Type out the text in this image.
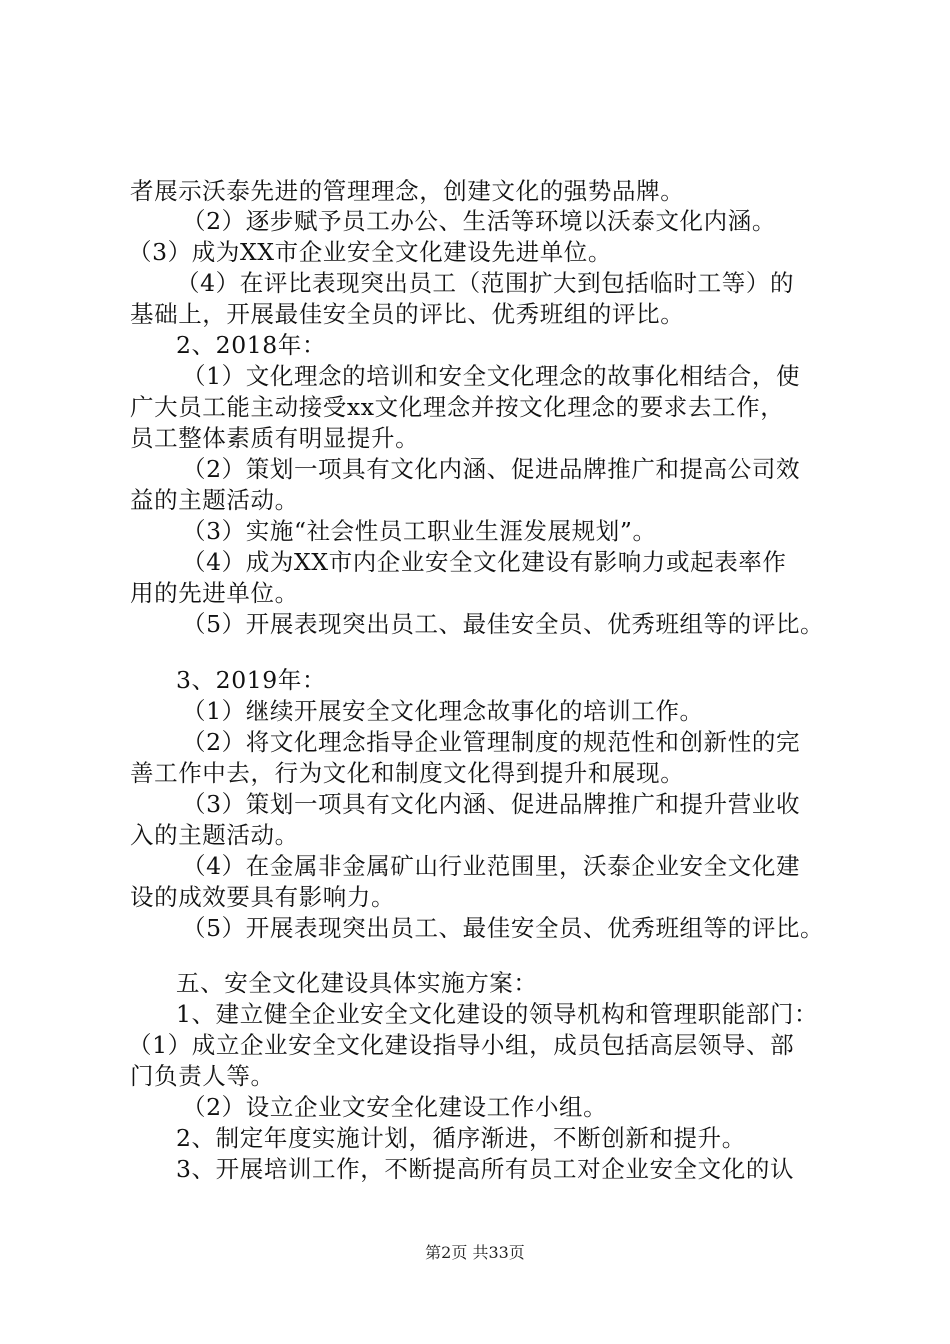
者展示沃泰先进的管理理念，创建文化的强势品牌。
（2）逐步赋予员工办公、生活等环境以沃泰文化内涵。
（3）成为XX市企业安全文化建设先进单位。
（4）在评比表现突出员工（范围扩大到包括临时工等）的
基础上，开展最佳安全员的评比、优秀班组的评比。
2、2018年：
（1）文化理念的培训和安全文化理念的故事化相结合，使
广大员工能主动接受xx文化理念并按文化理念的要求去工作，
员工整体素质有明显提升。
（2）策划一项具有文化内涵、促进品牌推广和提高公司效
益的主题活动。
（3）实施“社会性员工职业生涯发展规划”。
（4）成为XX市内企业安全文化建设有影响力或起表率作
用的先进单位。
（5）开展表现突出员工、最佳安全员、优秀班组等的评比。
3、2019年：
（1）继续开展安全文化理念故事化的培训工作。
（2）将文化理念指导企业管理制度的规范性和创新性的完
善工作中去，行为文化和制度文化得到提升和展现。
（3）策划一项具有文化内涵、促进品牌推广和提升营业收
入的主题活动。
（4）在金属非金属矿山行业范围里，沃泰企业安全文化建
设的成效要具有影响力。
（5）开展表现突出员工、最佳安全员、优秀班组等的评比。
五、安全文化建设具体实施方案：
1、建立健全企业安全文化建设的领导机构和管理职能部门：
（1）成立企业安全文化建设指导小组，成员包括高层领导、部
门负责人等。
（2）设立企业文安全化建设工作小组。
2、制定年度实施计划，循序渐进，不断创新和提升。
3、开展培训工作，不断提高所有员工对企业安全文化的认
第2页 共33页
